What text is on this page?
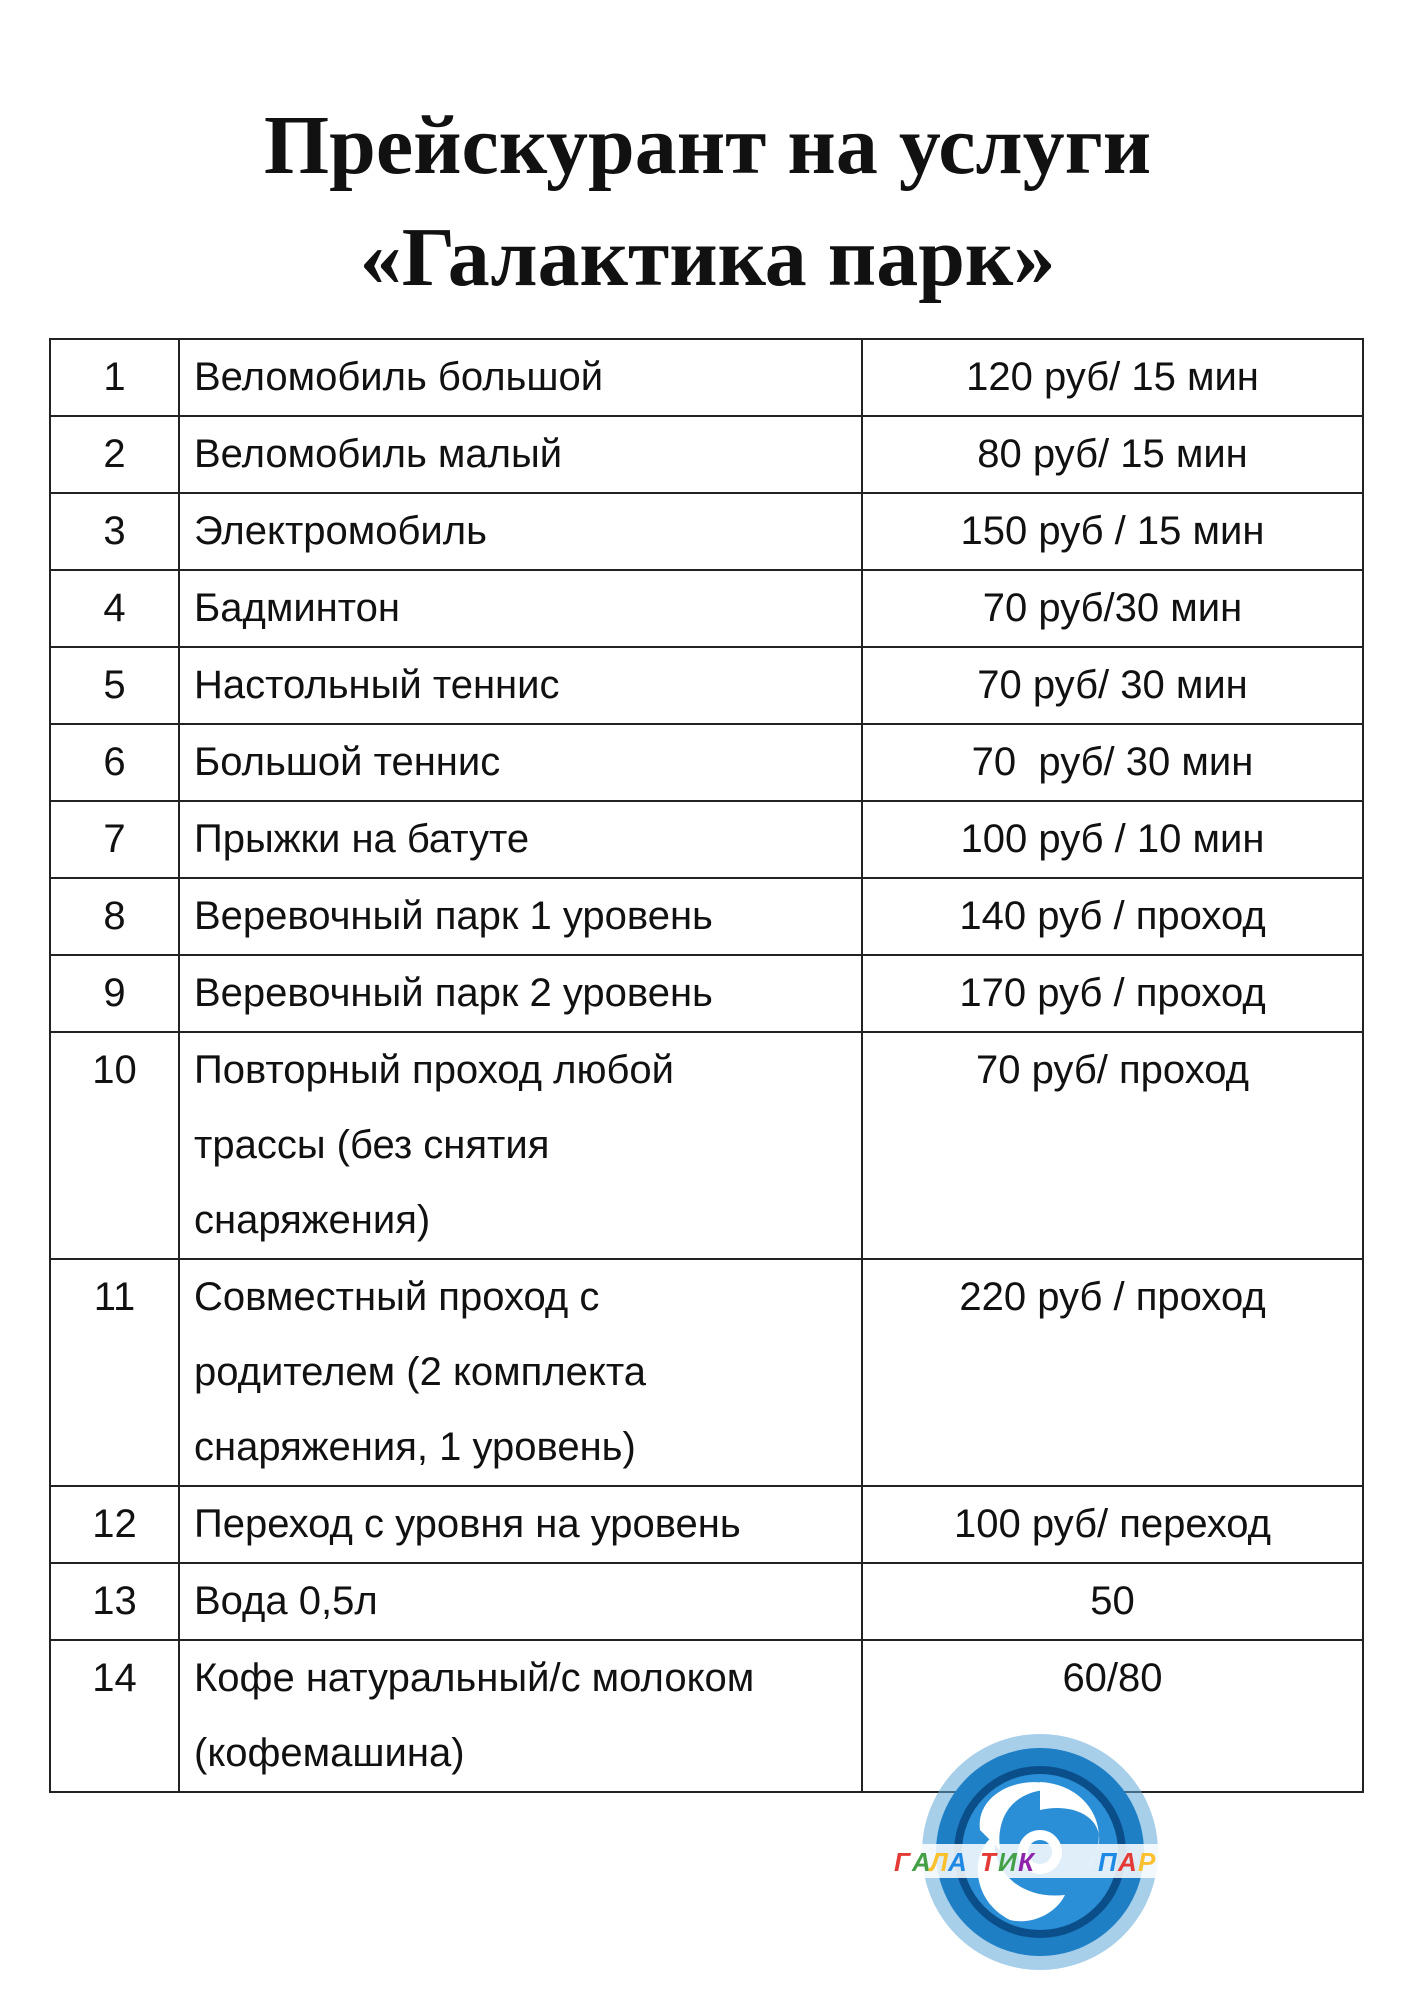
Прейскурант на услуги
«Галактика парк»
1	Веломобиль большой	120 руб/ 15 мин
2	Веломобиль малый	80 руб/ 15 мин
3	Электромобиль	150 руб / 15 мин
4	Бадминтон	70 руб/30 мин
5	Настольный теннис	70 руб/ 30 мин
6	Большой теннис	70  руб/ 30 мин
7	Прыжки на батуте	100 руб / 10 мин
8	Веревочный парк 1 уровень	140 руб / проход
9	Веревочный парк 2 уровень	170 руб / проход
10	Повторный проход любой
трассы (без снятия
снаряжения)	70 руб/ проход
11	Совместный проход с
родителем (2 комплекта
снаряжения, 1 уровень)	220 руб / проход
12	Переход с уровня на уровень	100 руб/ переход
13	Вода 0,5л	50
14	Кофе натуральный/с молоком
(кофемашина)	60/80
Г А Л А Т И К П А Р
